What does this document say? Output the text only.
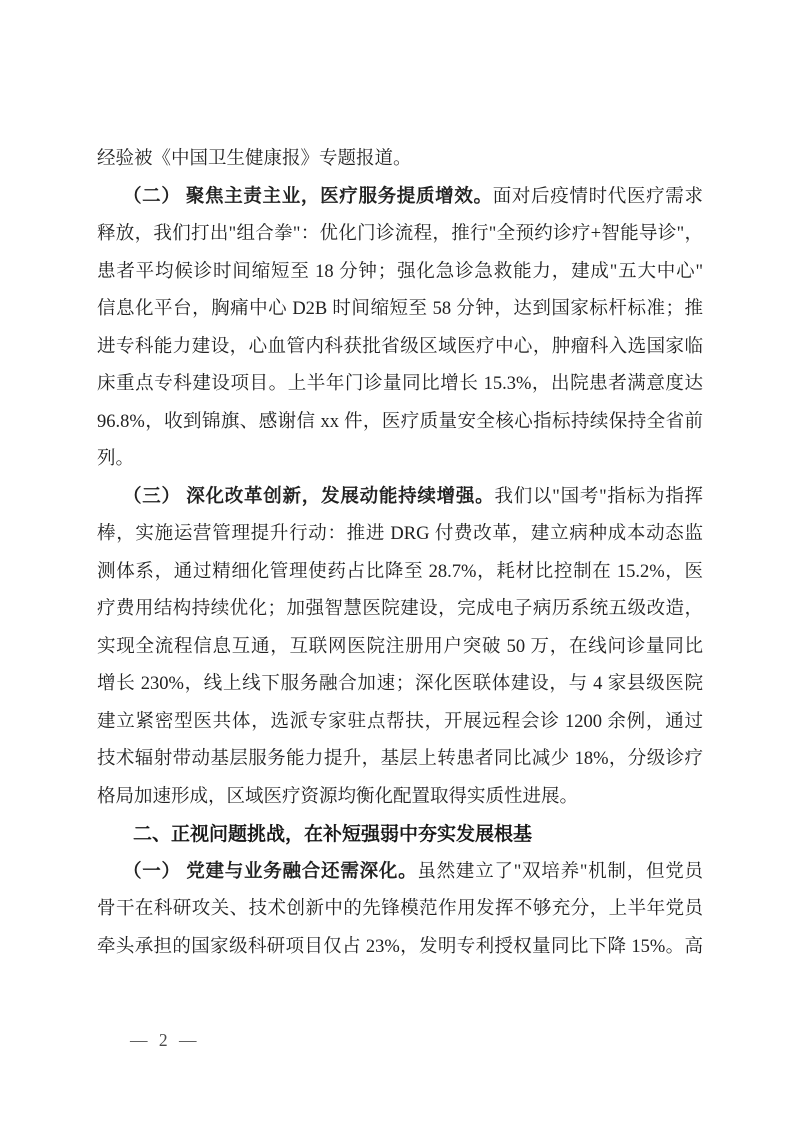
经验被《中国卫生健康报》专题报道。
（二） 聚焦主责主业，医疗服务提质增效。面对后疫情时代医疗需求
释放，我们打出"组合拳"：优化门诊流程，推行"全预约诊疗+智能导诊"，
患者平均候诊时间缩短至 18 分钟；强化急诊急救能力，建成"五大中心"
信息化平台，胸痛中心 D2B 时间缩短至 58 分钟，达到国家标杆标准；推
进专科能力建设，心血管内科获批省级区域医疗中心，肿瘤科入选国家临
床重点专科建设项目。上半年门诊量同比增长 15.3%，出院患者满意度达
96.8%，收到锦旗、感谢信 xx 件，医疗质量安全核心指标持续保持全省前
列。
（三） 深化改革创新，发展动能持续增强。我们以"国考"指标为指挥
棒，实施运营管理提升行动：推进 DRG 付费改革，建立病种成本动态监
测体系，通过精细化管理使药占比降至 28.7%，耗材比控制在 15.2%，医
疗费用结构持续优化；加强智慧医院建设，完成电子病历系统五级改造，
实现全流程信息互通，互联网医院注册用户突破 50 万，在线问诊量同比
增长 230%，线上线下服务融合加速；深化医联体建设，与 4 家县级医院
建立紧密型医共体，选派专家驻点帮扶，开展远程会诊 1200 余例，通过
技术辐射带动基层服务能力提升，基层上转患者同比减少 18%，分级诊疗
格局加速形成，区域医疗资源均衡化配置取得实质性进展。
二、正视问题挑战，在补短强弱中夯实发展根基
（一） 党建与业务融合还需深化。虽然建立了"双培养"机制，但党员
骨干在科研攻关、技术创新中的先锋模范作用发挥不够充分，上半年党员
牵头承担的国家级科研项目仅占 23%，发明专利授权量同比下降 15%。高
— 2 —
